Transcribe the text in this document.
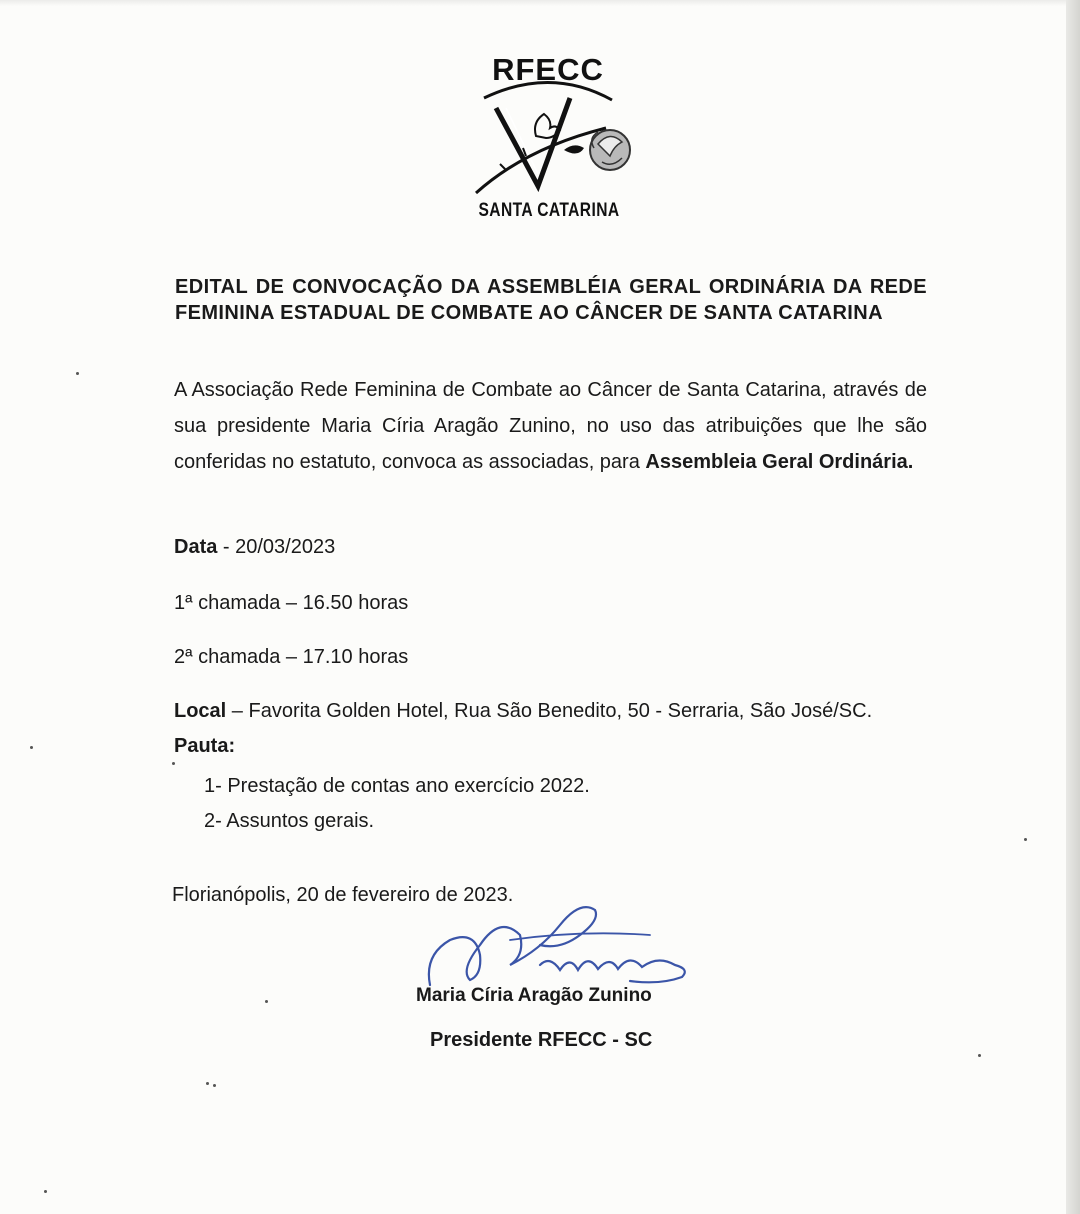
RFECC
SANTA CATARINA

EDITAL DE CONVOCAÇÃO DA ASSEMBLÉIA GERAL ORDINÁRIA DA REDE FEMININA ESTADUAL DE COMBATE AO CÂNCER DE SANTA CATARINA

A Associação Rede Feminina de Combate ao Câncer de Santa Catarina, através de sua presidente Maria Círia Aragão Zunino, no uso das atribuições que lhe são conferidas no estatuto, convoca as associadas, para Assembleia Geral Ordinária.

Data - 20/03/2023

1ª chamada – 16.50 horas

2ª chamada – 17.10 horas

Local – Favorita Golden Hotel, Rua São Benedito, 50 - Serraria, São José/SC.

Pauta:

1- Prestação de contas ano exercício 2022.

2- Assuntos gerais.

Florianópolis, 20 de fevereiro de 2023.

Maria Círia Aragão Zunino
Presidente RFECC - SC
